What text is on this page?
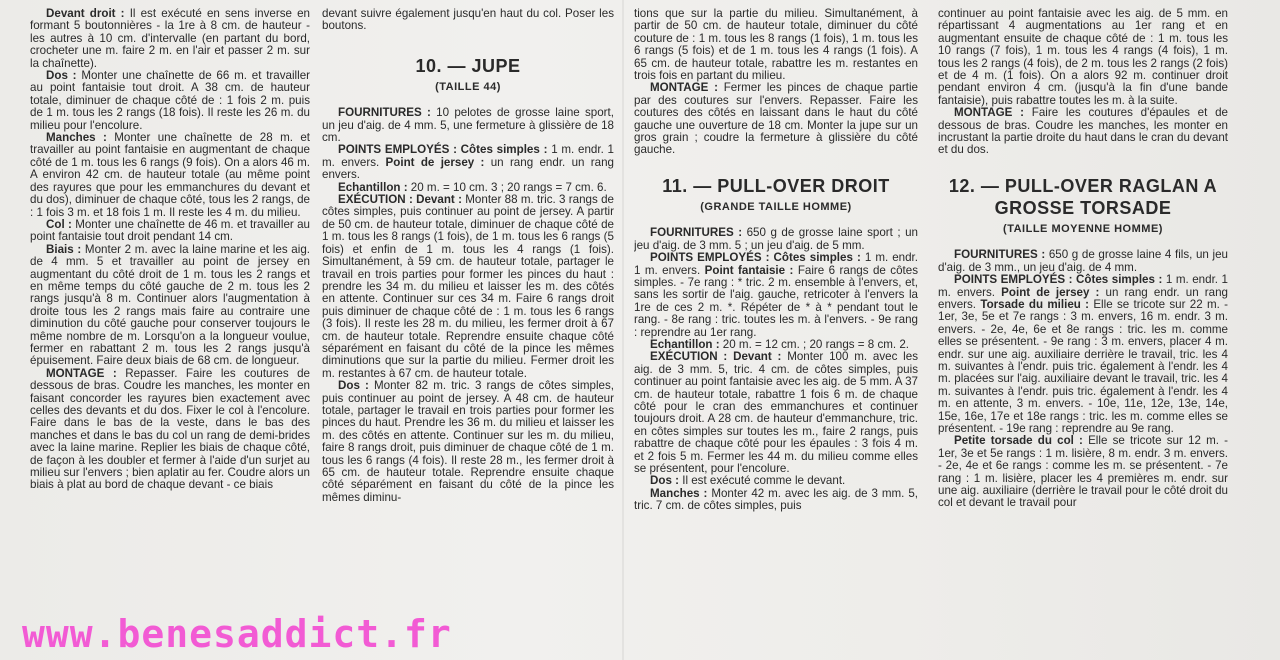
Devant droit : Il est exécuté en sens inverse en formant 5 boutonnières - la 1re à 8 cm. de hauteur - les autres à 10 cm. d'intervalle (en partant du bord, crocheter une m. faire 2 m. en l'air et passer 2 m. sur la chaînette).

Dos : Monter une chaînette de 66 m. et travailler au point fantaisie tout droit. A 38 cm. de hauteur totale, diminuer de chaque côté de : 1 fois 2 m. puis de 1 m. tous les 2 rangs (18 fois). Il reste les 26 m. du milieu pour l'encolure.

Manches : Monter une chaînette de 28 m. et travailler au point fantaisie en augmentant de chaque côté de 1 m. tous les 6 rangs (9 fois). On a alors 46 m. A environ 42 cm. de hauteur totale (au même point des rayures que pour les emmanchures du devant et du dos), diminuer de chaque côté, tous les 2 rangs, de : 1 fois 3 m. et 18 fois 1 m. Il reste les 4 m. du milieu.

Col : Monter une chaînette de 46 m. et travailler au point fantaisie tout droit pendant 14 cm.

Biais : Monter 2 m. avec la laine marine et les aig. de 4 mm. 5 et travailler au point de jersey en augmentant du côté droit de 1 m. tous les 2 rangs et en même temps du côté gauche de 2 m. tous les 2 rangs jusqu'à 8 m. Continuer alors l'augmentation à droite tous les 2 rangs mais faire au contraire une diminution du côté gauche pour conserver toujours le même nombre de m. Lorsqu'on a la longueur voulue, fermer en rabattant 2 m. tous les 2 rangs jusqu'à épuisement. Faire deux biais de 68 cm. de longueur.

MONTAGE : Repasser. Faire les coutures de dessous de bras. Coudre les manches, les monter en faisant concorder les rayures bien exactement avec celles des devants et du dos. Fixer le col à l'encolure. Faire dans le bas de la veste, dans le bas des manches et dans le bas du col un rang de demi-brides avec la laine marine. Replier les biais de chaque côté, de façon à les doubler et fermer à l'aide d'un surjet au milieu sur l'envers ; bien aplatir au fer. Coudre alors un biais à plat au bord de chaque devant - ce biais

devant suivre également jusqu'en haut du col. Poser les boutons.

10. — JUPE

(TAILLE 44)

FOURNITURES : 10 pelotes de grosse laine sport, un jeu d'aig. de 4 mm. 5, une fermeture à glissière de 18 cm.

POINTS EMPLOYÉS : Côtes simples : 1 m. endr. 1 m. envers. Point de jersey : un rang endr. un rang envers.

Echantillon : 20 m. = 10 cm. 3 ; 20 rangs = 7 cm. 6.

EXÉCUTION : Devant : Monter 88 m. tric. 3 rangs de côtes simples, puis continuer au point de jersey. A partir de 50 cm. de hauteur totale, diminuer de chaque côté de 1 m. tous les 8 rangs (1 fois), de 1 m. tous les 6 rangs (5 fois) et enfin de 1 m. tous les 4 rangs (1 fois). Simultanément, à 59 cm. de hauteur totale, partager le travail en trois parties pour former les pinces du haut : prendre les 34 m. du milieu et laisser les m. des côtés en attente. Continuer sur ces 34 m. Faire 6 rangs droit puis diminuer de chaque côté de : 1 m. tous les 6 rangs (3 fois). Il reste les 28 m. du milieu, les fermer droit à 67 cm. de hauteur totale. Reprendre ensuite chaque côté séparément en faisant du côté de la pince les mêmes diminutions que sur la partie du milieu. Fermer droit les m. restantes à 67 cm. de hauteur totale.

Dos : Monter 82 m. tric. 3 rangs de côtes simples, puis continuer au point de jersey. A 48 cm. de hauteur totale, partager le travail en trois parties pour former les pinces du haut. Prendre les 36 m. du milieu et laisser les m. des côtés en attente. Continuer sur les m. du milieu, faire 8 rangs droit, puis diminuer de chaque côté de 1 m. tous les 6 rangs (4 fois). Il reste 28 m., les fermer droit à 65 cm. de hauteur totale. Reprendre ensuite chaque côté séparément en faisant du côté de la pince les mêmes diminu-

tions que sur la partie du milieu. Simultanément, à partir de 50 cm. de hauteur totale, diminuer du côté couture de : 1 m. tous les 8 rangs (1 fois), 1 m. tous les 6 rangs (5 fois) et de 1 m. tous les 4 rangs (1 fois). A 65 cm. de hauteur totale, rabattre les m. restantes en trois fois en partant du milieu.

MONTAGE : Fermer les pinces de chaque partie par des coutures sur l'envers. Repasser. Faire les coutures des côtés en laissant dans le haut du côté gauche une ouverture de 18 cm. Monter la jupe sur un gros grain ; coudre la fermeture à glissière du côté gauche.

11. — PULL-OVER DROIT

(GRANDE TAILLE HOMME)

FOURNITURES : 650 g de grosse laine sport ; un jeu d'aig. de 3 mm. 5 ; un jeu d'aig. de 5 mm.

POINTS EMPLOYÉS : Côtes simples : 1 m. endr. 1 m. envers. Point fantaisie : Faire 6 rangs de côtes simples. - 7e rang : * tric. 2 m. ensemble à l'envers, et, sans les sortir de l'aig. gauche, retricoter à l'envers la 1re de ces 2 m. *. Répéter de * à * pendant tout le rang. - 8e rang : tric. toutes les m. à l'envers. - 9e rang : reprendre au 1er rang.

Echantillon : 20 m. = 12 cm. ; 20 rangs = 8 cm. 2.

EXÉCUTION : Devant : Monter 100 m. avec les aig. de 3 mm. 5, tric. 4 cm. de côtes simples, puis continuer au point fantaisie avec les aig. de 5 mm. A 37 cm. de hauteur totale, rabattre 1 fois 6 m. de chaque côté pour le cran des emmanchures et continuer toujours droit. A 28 cm. de hauteur d'emmanchure, tric. en côtes simples sur toutes les m., faire 2 rangs, puis rabattre de chaque côté pour les épaules : 3 fois 4 m. et 2 fois 5 m. Fermer les 44 m. du milieu comme elles se présentent, pour l'encolure.

Dos : Il est exécuté comme le devant.

Manches : Monter 42 m. avec les aig. de 3 mm. 5, tric. 7 cm. de côtes simples, puis

continuer au point fantaisie avec les aig. de 5 mm. en répartissant 4 augmentations au 1er rang et en augmentant ensuite de chaque côté de : 1 m. tous les 10 rangs (7 fois), 1 m. tous les 4 rangs (4 fois), 1 m. tous les 2 rangs (4 fois), de 2 m. tous les 2 rangs (2 fois) et de 4 m. (1 fois). On a alors 92 m. continuer droit pendant environ 4 cm. (jusqu'à la fin d'une bande fantaisie), puis rabattre toutes les m. à la suite.

MONTAGE : Faire les coutures d'épaules et de dessous de bras. Coudre les manches, les monter en incrustant la partie droite du haut dans le cran du devant et du dos.

12. — PULL-OVER RAGLAN A GROSSE TORSADE

(TAILLE MOYENNE HOMME)

FOURNITURES : 650 g de grosse laine 4 fils, un jeu d'aig. de 3 mm., un jeu d'aig. de 4 mm.

POINTS EMPLOYÉS : Côtes simples : 1 m. endr. 1 m. envers. Point de jersey : un rang endr. un rang envers. Torsade du milieu : Elle se tricote sur 22 m. - 1er, 3e, 5e et 7e rangs : 3 m. envers, 16 m. endr. 3 m. envers. - 2e, 4e, 6e et 8e rangs : tric. les m. comme elles se présentent. - 9e rang : 3 m. envers, placer 4 m. endr. sur une aig. auxiliaire derrière le travail, tric. les 4 m. suivantes à l'endr. puis tric. également à l'endr. les 4 m. placées sur l'aig. auxiliaire devant le travail, tric. les 4 m. suivantes à l'endr. puis tric. également à l'endr. les 4 m. en attente, 3 m. envers. - 10e, 11e, 12e, 13e, 14e, 15e, 16e, 17e et 18e rangs : tric. les m. comme elles se présentent. - 19e rang : reprendre au 9e rang.

Petite torsade du col : Elle se tricote sur 12 m. - 1er, 3e et 5e rangs : 1 m. lisière, 8 m. endr. 3 m. envers. - 2e, 4e et 6e rangs : comme les m. se présentent. - 7e rang : 1 m. lisière, placer les 4 premières m. endr. sur une aig. auxiliaire (derrière le travail pour le côté droit du col et devant le travail pour

www.benesaddict.fr
